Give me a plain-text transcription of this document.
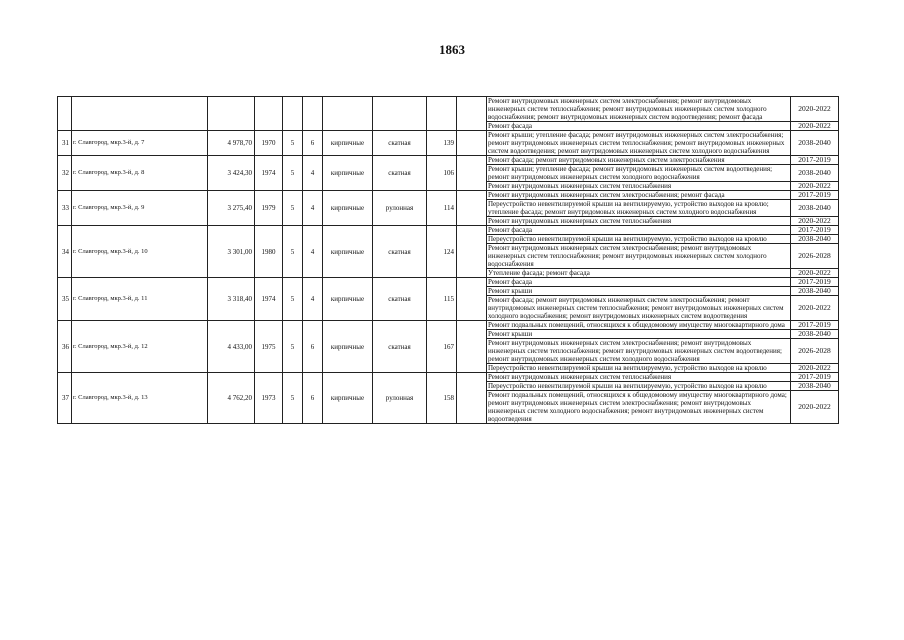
1863
										Ремонт внутридомовых инженерных систем электроснабжения; ремонт внутридомовых инженерных систем теплоснабжения; ремонт внутридомовых инженерных систем холодного водоснабжения; ремонт внутридомовых инженерных систем водоотведения; ремонт фасада	2020-2022
										Ремонт фасада	2020-2022
31	г. Славгород, мкр.3-й, д. 7	4 978,70	1970	5	6	кирпичные	скатная	139		Ремонт крыши; утепление фасада; ремонт внутридомовых инженерных систем электроснабжения; ремонт внутридомовых инженерных систем теплоснабжения; ремонт внутридомовых инженерных систем водоотведения; ремонт внутридомовых инженерных систем холодного водоснабжения	2038-2040
32	г. Славгород, мкр.3-й, д. 8	3 424,30	1974	5	4	кирпичные	скатная	106		Ремонт фасада; ремонт внутридомовых инженерных систем электроснабжения	2017-2019
										Ремонт крыши; утепление фасада; ремонт внутридомовых инженерных систем водоотведения; ремонт внутридомовых инженерных систем холодного водоснабжения	2038-2040
										Ремонт внутридомовых инженерных систем теплоснабжения	2020-2022
33	г. Славгород, мкр.3-й, д. 9	3 275,40	1979	5	4	кирпичные	рулонная	114		Ремонт внутридомовых инженерных систем электроснабжения; ремонт фасада	2017-2019
										Переустройство невентилируемой крыши на вентилируемую, устройство выходов на кровлю; утепление фасада; ремонт внутридомовых инженерных систем холодного водоснабжения	2038-2040
										Ремонт внутридомовых инженерных систем теплоснабжения	2020-2022
34	г. Славгород, мкр.3-й, д. 10	3 301,00	1980	5	4	кирпичные	скатная	124		Ремонт фасада	2017-2019
										Переустройство невентилируемой крыши на вентилируемую, устройство выходов на кровлю	2038-2040
										Ремонт внутридомовых инженерных систем электроснабжения; ремонт внутридомовых инженерных систем теплоснабжения; ремонт внутридомовых инженерных систем холодного водоснабжения	2026-2028
										Утепление фасада; ремонт фасада	2020-2022
35	г. Славгород, мкр.3-й, д. 11	3 318,40	1974	5	4	кирпичные	скатная	115		Ремонт фасада	2017-2019
										Ремонт крыши	2038-2040
										Ремонт фасада; ремонт внутридомовых инженерных систем электроснабжения; ремонт внутридомовых инженерных систем теплоснабжения; ремонт внутридомовых инженерных систем холодного водоснабжения; ремонт внутридомовых инженерных систем водоотведения	2020-2022
36	г. Славгород, мкр.3-й, д. 12	4 433,00	1975	5	6	кирпичные	скатная	167		Ремонт подвальных помещений, относящихся к общедомовому имуществу многоквартирного дома	2017-2019
										Ремонт крыши	2038-2040
										Ремонт внутридомовых инженерных систем электроснабжения; ремонт внутридомовых инженерных систем теплоснабжения; ремонт внутридомовых инженерных систем водоотведения; ремонт внутридомовых инженерных систем холодного водоснабжения	2026-2028
										Переустройство невентилируемой крыши на вентилируемую, устройство выходов на кровлю	2020-2022
37	г. Славгород, мкр.3-й, д. 13	4 762,20	1973	5	6	кирпичные	рулонная	158		Ремонт внутридомовых инженерных систем теплоснабжения	2017-2019
										Переустройство невентилируемой крыши на вентилируемую, устройство выходов на кровлю	2038-2040
										Ремонт подвальных помещений, относящихся к общедомовому имуществу многоквартирного дома; ремонт внутридомовых инженерных систем электроснабжения; ремонт внутридомовых инженерных систем холодного водоснабжения; ремонт внутридомовых инженерных систем водоотведения	2020-2022
